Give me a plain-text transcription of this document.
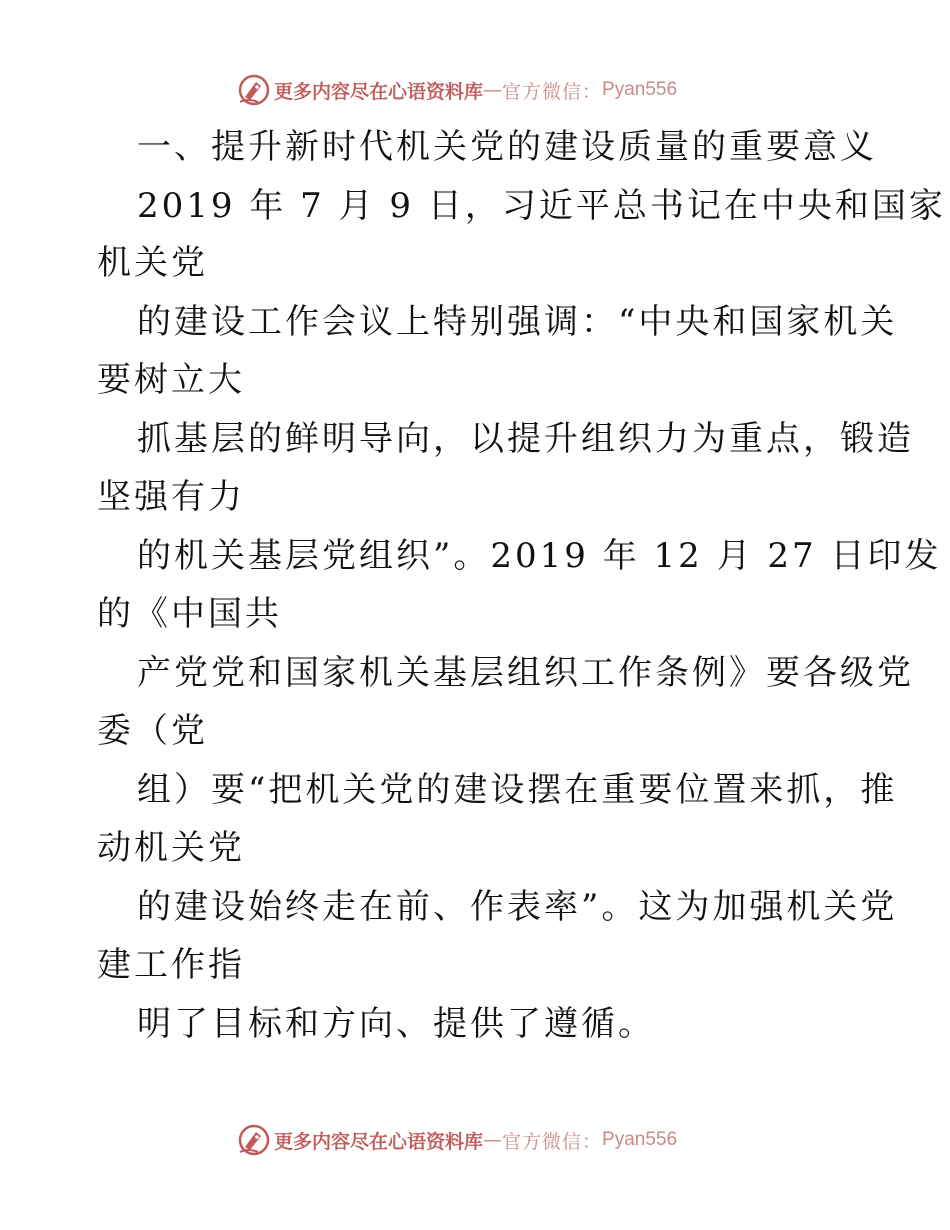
更多内容尽在心语资料库 — 官方微信： Pyan556

一、提升新时代机关党的建设质量的重要意义

2019 年 7 月 9 日，习近平总书记在中央和国家

机关党

的建设工作会议上特别强调：“中央和国家机关

要树立大

抓基层的鲜明导向，以提升组织力为重点，锻造

坚强有力

的机关基层党组织”。2019 年 12 月 27 日印发

的《中国共

产党党和国家机关基层组织工作条例》要各级党

委（党

组）要“把机关党的建设摆在重要位置来抓，推

动机关党

的建设始终走在前、作表率”。这为加强机关党

建工作指

明了目标和方向、提供了遵循。

更多内容尽在心语资料库 — 官方微信： Pyan556
